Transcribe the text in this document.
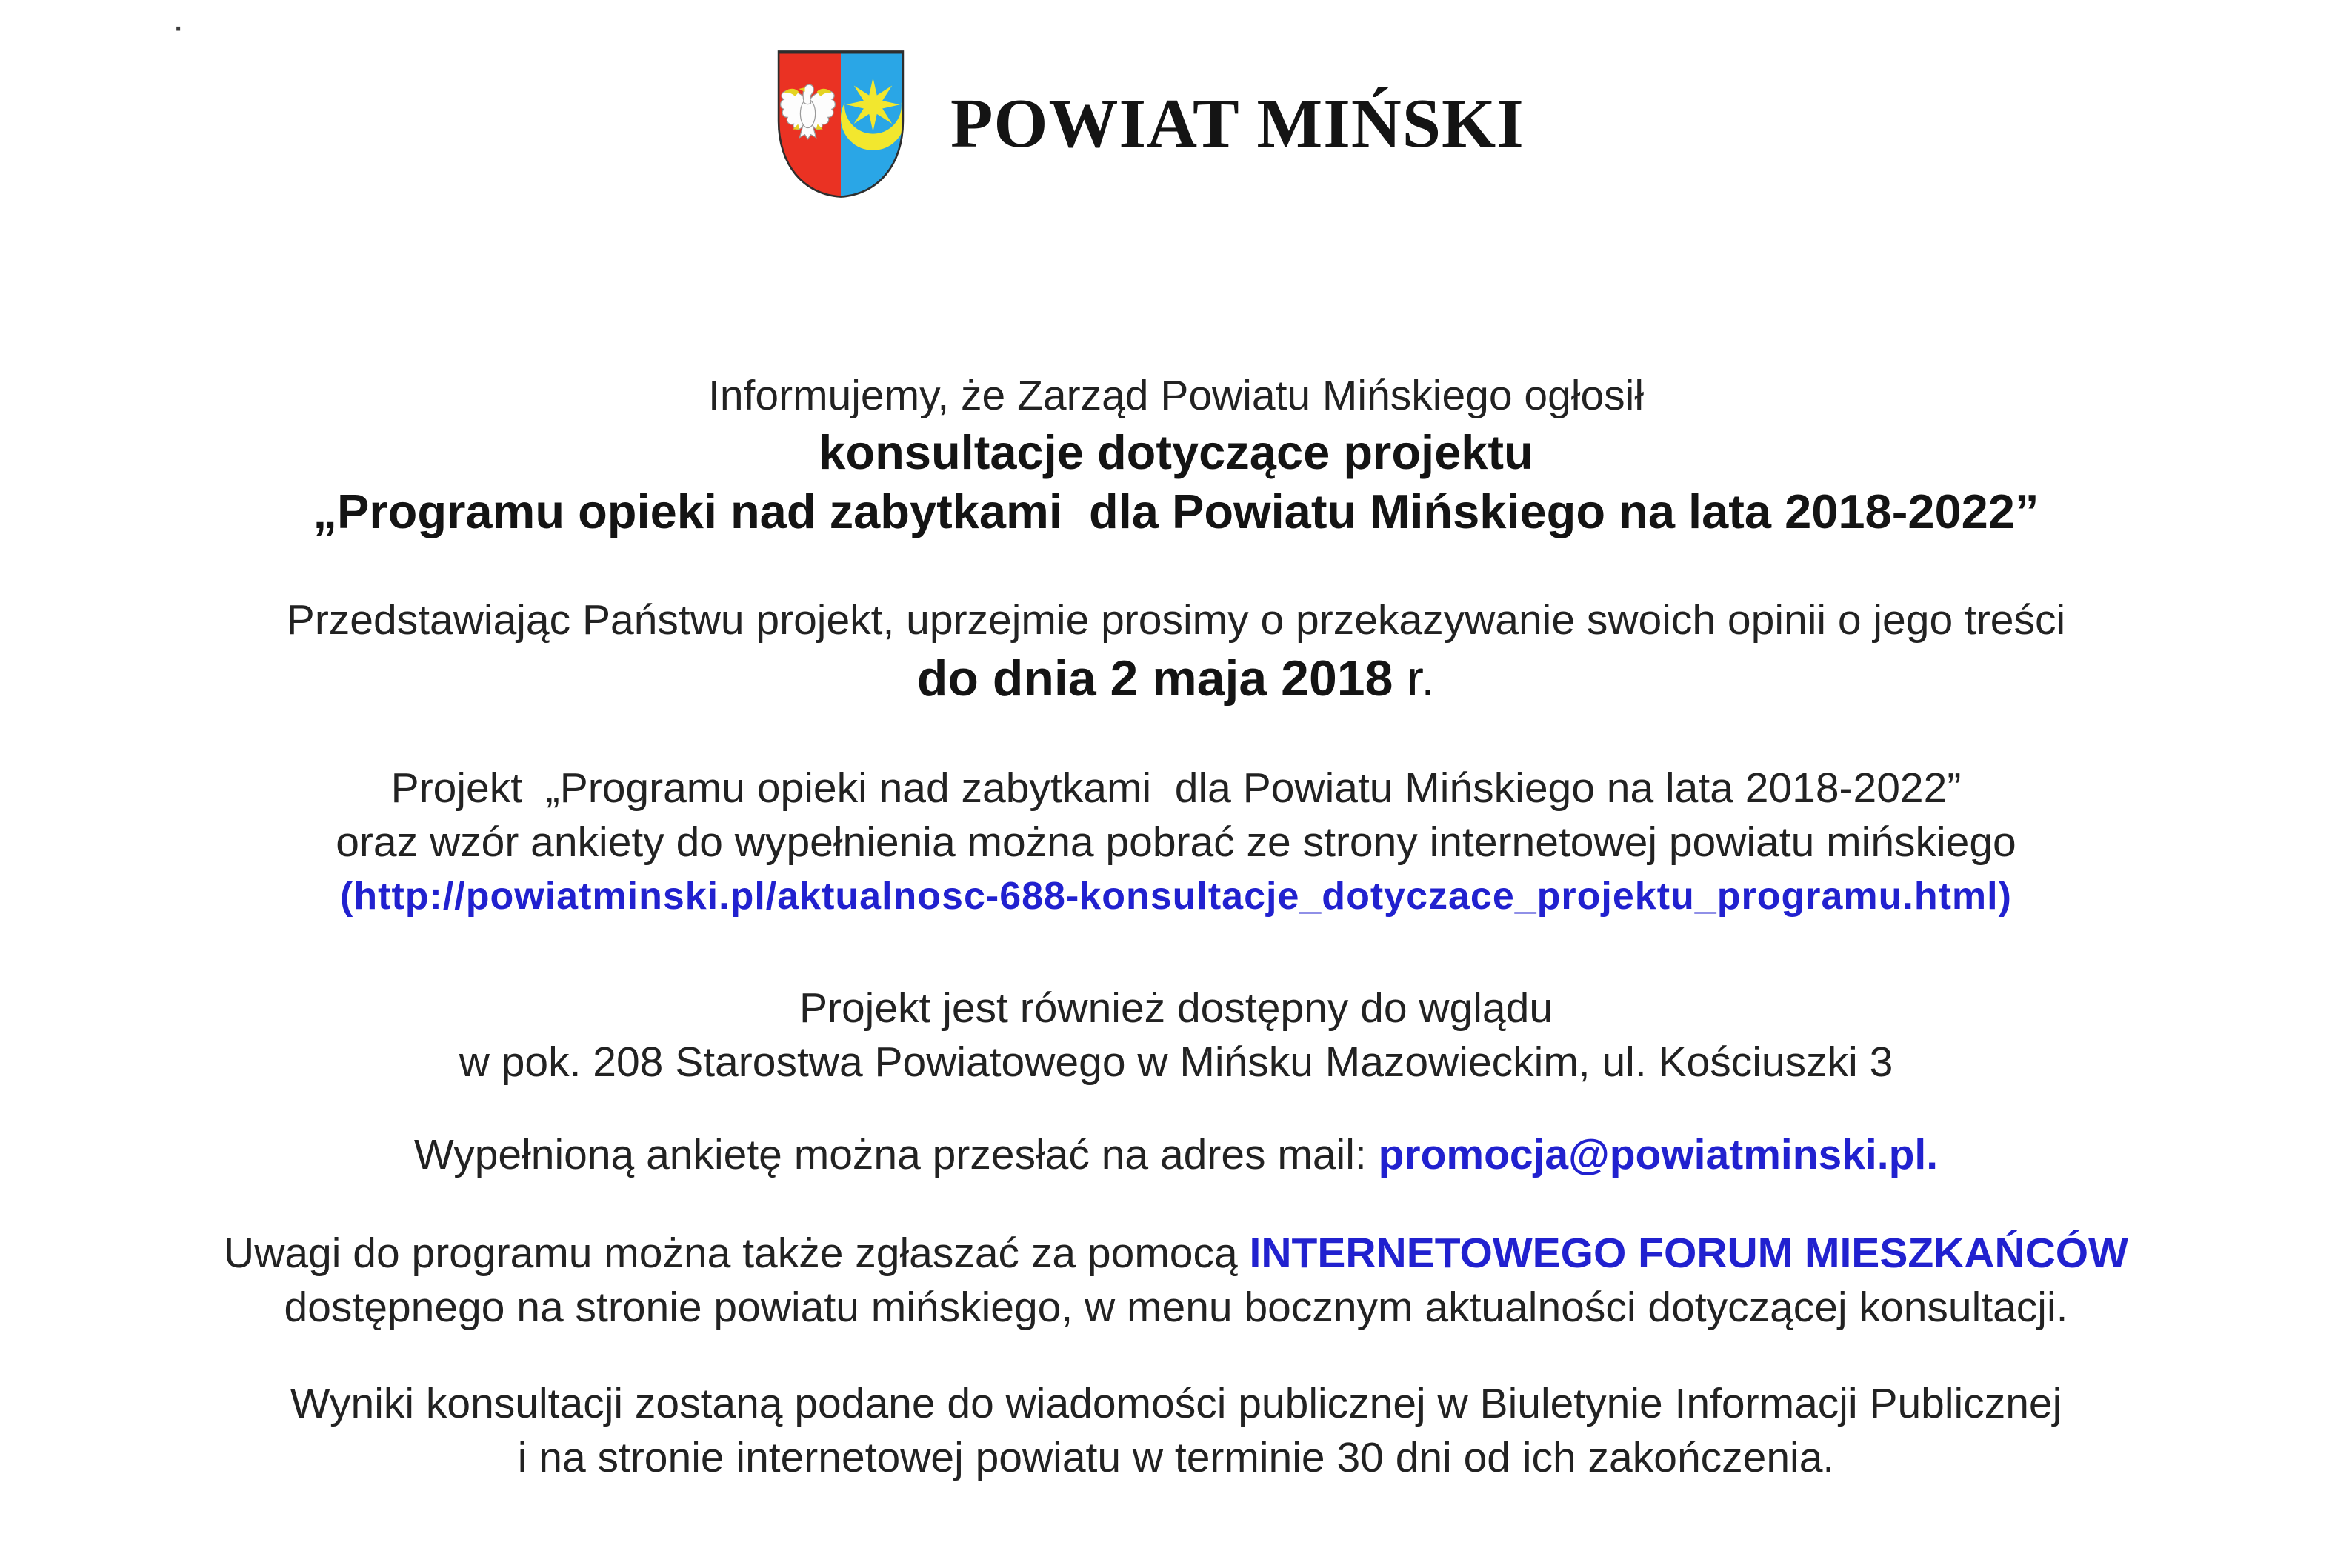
·
POWIAT MIŃSKI

Informujemy, że Zarząd Powiatu Mińskiego ogłosił

konsultacje dotyczące projektu

„Programu opieki nad zabytkami  dla Powiatu Mińskiego na lata 2018-2022”

Przedstawiając Państwu projekt, uprzejmie prosimy o przekazywanie swoich opinii o jego treści

do dnia 2 maja 2018 r.

Projekt  „Programu opieki nad zabytkami  dla Powiatu Mińskiego na lata 2018-2022”

oraz wzór ankiety do wypełnienia można pobrać ze strony internetowej powiatu mińskiego

(http://powiatminski.pl/aktualnosc-688-konsultacje_dotyczace_projektu_programu.html)

Projekt jest również dostępny do wglądu

w pok. 208 Starostwa Powiatowego w Mińsku Mazowieckim, ul. Kościuszki 3

Wypełnioną ankietę można przesłać na adres mail: promocja@powiatminski.pl.

Uwagi do programu można także zgłaszać za pomocą INTERNETOWEGO FORUM MIESZKAŃCÓW

dostępnego na stronie powiatu mińskiego, w menu bocznym aktualności dotyczącej konsultacji.

Wyniki konsultacji zostaną podane do wiadomości publicznej w Biuletynie Informacji Publicznej

i na stronie internetowej powiatu w terminie 30 dni od ich zakończenia.
